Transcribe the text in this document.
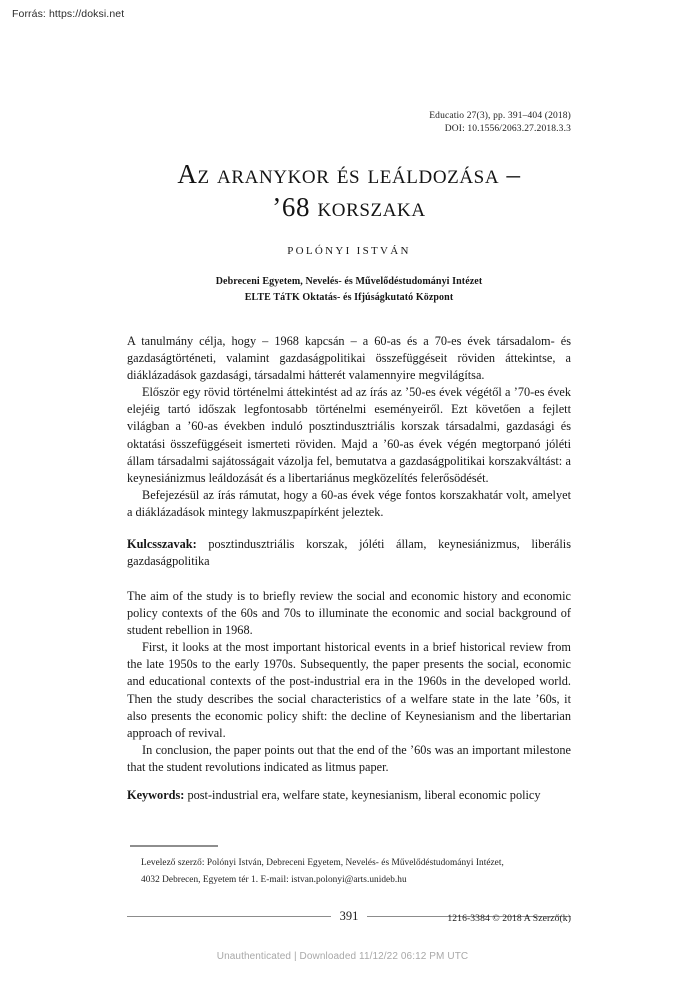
Forrás: https://doksi.net
Educatio 27(3), pp. 391–404 (2018)
DOI: 10.1556/2063.27.2018.3.3
Az aranykor és leáldozása –
’68 korszaka
POLÓNYI ISTVÁN
Debreceni Egyetem, Nevelés- és Művelődéstudományi Intézet
ELTE TáTK Oktatás- és Ifjúságkutató Központ

A tanulmány célja, hogy – 1968 kapcsán – a 60-as és a 70-es évek társadalom- és gazdaságtörténeti, valamint gazdaságpolitikai összefüggéseit röviden áttekintse, a diáklázadások gazdasági, társadalmi hátterét valamennyire megvilágítsa.

Először egy rövid történelmi áttekintést ad az írás az ’50-es évek végétől a ’70-es évek elejéig tartó időszak legfontosabb történelmi eseményeiről. Ezt követően a fejlett világban a ’60-as években induló posztindusztriális korszak társadalmi, gazdasági és oktatási összefüggéseit ismerteti röviden. Majd a ’60-as évek végén megtorpanó jóléti állam társadalmi sajátosságait vázolja fel, bemutatva a gazdaságpolitikai korszakváltást: a keynesiánizmus leáldozását és a libertariánus megközelítés felerősödését.

Befejezésül az írás rámutat, hogy a 60-as évek vége fontos korszakhatár volt, amelyet a diáklázadások mintegy lakmuszpapírként jeleztek.

Kulcsszavak: posztindusztriális korszak, jóléti állam, keynesiánizmus, liberális gazdaságpolitika

The aim of the study is to briefly review the social and economic history and economic policy contexts of the 60s and 70s to illuminate the economic and social background of student rebellion in 1968.

First, it looks at the most important historical events in a brief historical review from the late 1950s to the early 1970s. Subsequently, the paper presents the social, economic and educational contexts of the post-industrial era in the 1960s in the developed world. Then the study describes the social characteristics of a welfare state in the late ’60s, it also presents the economic policy shift: the decline of Keynesianism and the libertarian approach of revival.

In conclusion, the paper points out that the end of the ’60s was an important milestone that the student revolutions indicated as litmus paper.

Keywords: post-industrial era, welfare state, keynesianism, liberal economic policy

Levelező szerző: Polónyi István, Debreceni Egyetem, Nevelés- és Művelődéstudományi Intézet,
4032 Debrecen, Egyetem tér 1. E-mail: istvan.polonyi@arts.unideb.hu
391	1216-3384 © 2018 A Szerző(k)
Unauthenticated | Downloaded 11/12/22 06:12 PM UTC
